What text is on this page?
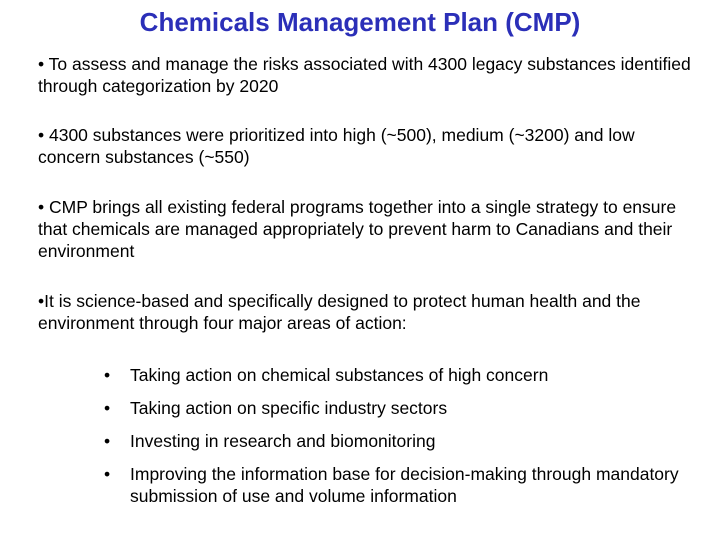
Chemicals Management Plan (CMP)
• To assess and manage the risks associated with 4300 legacy substances identified through categorization by 2020
• 4300 substances were prioritized into high (~500), medium (~3200) and low concern substances (~550)
• CMP brings all existing federal programs together into a single strategy to ensure that chemicals are managed appropriately to prevent harm to Canadians and their environment
•It is science-based and specifically designed to protect human health and the environment through four major areas of action:
• Taking action on chemical substances of high concern
• Taking action on specific industry sectors
• Investing in research and biomonitoring
• Improving the information base for decision-making through mandatory submission of use and volume information
